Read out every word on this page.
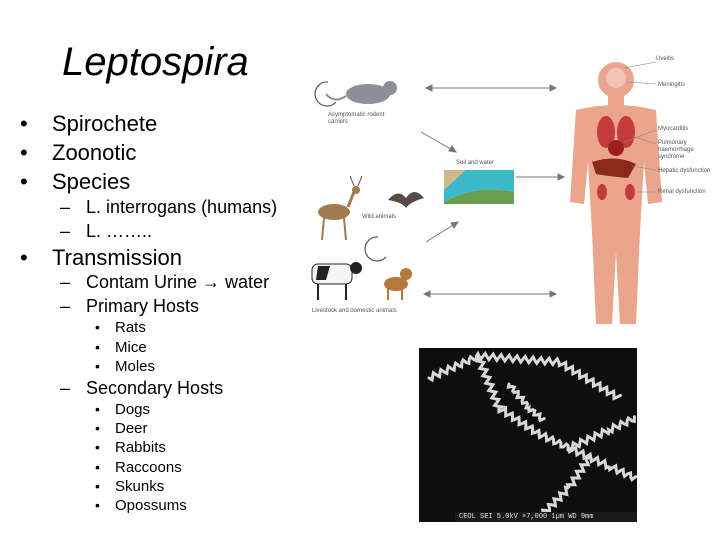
Leptospira
• Spirochete
• Zoonotic
• Species
– L. interrogans (humans)
– L. ……..
• Transmission
– Contam Urine → water
– Primary Hosts
• Rats
• Mice
• Moles
– Secondary Hosts
• Dogs
• Deer
• Rabbits
• Raccoons
• Skunks
• Opossums
Asymptomatic rodent carriers
Soil and water
Wild animals
Livestock and domestic animals
Uveitis
Meningitis
Myocarditis
Pulmonary haemorrhage syndrome
Hepatic dysfunction
Renal dysfunction
CEOL SEI 5.0kV ×7,000 1µm WD 9mm
